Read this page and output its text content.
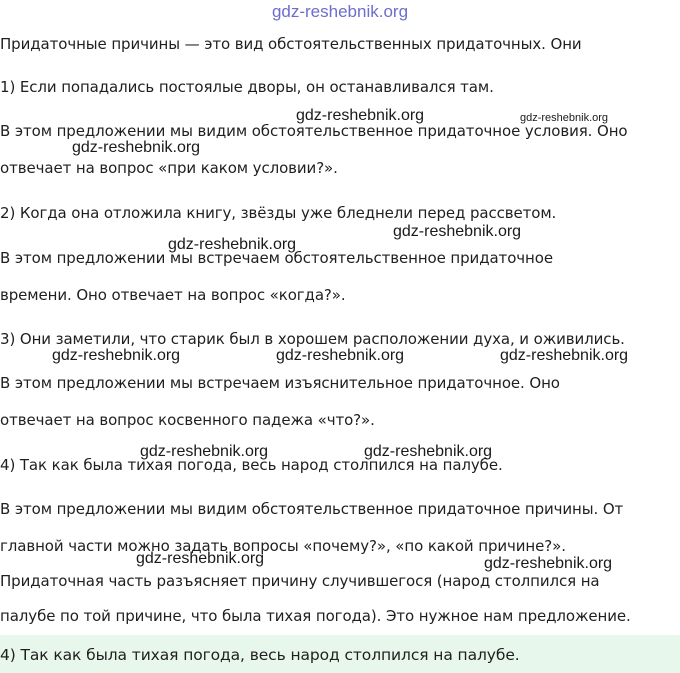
gdz-reshebnik.org
Придаточные причины — это вид обстоятельственных придаточных. Они
1) Если попадались постоялые дворы, он останавливался там.
В этом предложении мы видим обстоятельственное придаточное условия. Оно
отвечает на вопрос «при каком условии?».
2) Когда она отложила книгу, звёзды уже бледнели перед рассветом.
В этом предложении мы встречаем обстоятельственное придаточное
времени. Оно отвечает на вопрос «когда?».
3) Они заметили, что старик был в хорошем расположении духа, и оживились.
В этом предложении мы встречаем изъяснительное придаточное. Оно
отвечает на вопрос косвенного падежа «что?».
4) Так как была тихая погода, весь народ столпился на палубе.
В этом предложении мы видим обстоятельственное придаточное причины. От
главной части можно задать вопросы «почему?», «по какой причине?».
Придаточная часть разъясняет причину случившегося (народ столпился на
палубе по той причине, что была тихая погода). Это нужное нам предложение.
4) Так как была тихая погода, весь народ столпился на палубе.
gdz-reshebnik.org	gdz-reshebnik.org
gdz-reshebnik.org
gdz-reshebnik.org
gdz-reshebnik.org
gdz-reshebnik.org	gdz-reshebnik.org	gdz-reshebnik.org
gdz-reshebnik.org	gdz-reshebnik.org
gdz-reshebnik.org	gdz-reshebnik.org
